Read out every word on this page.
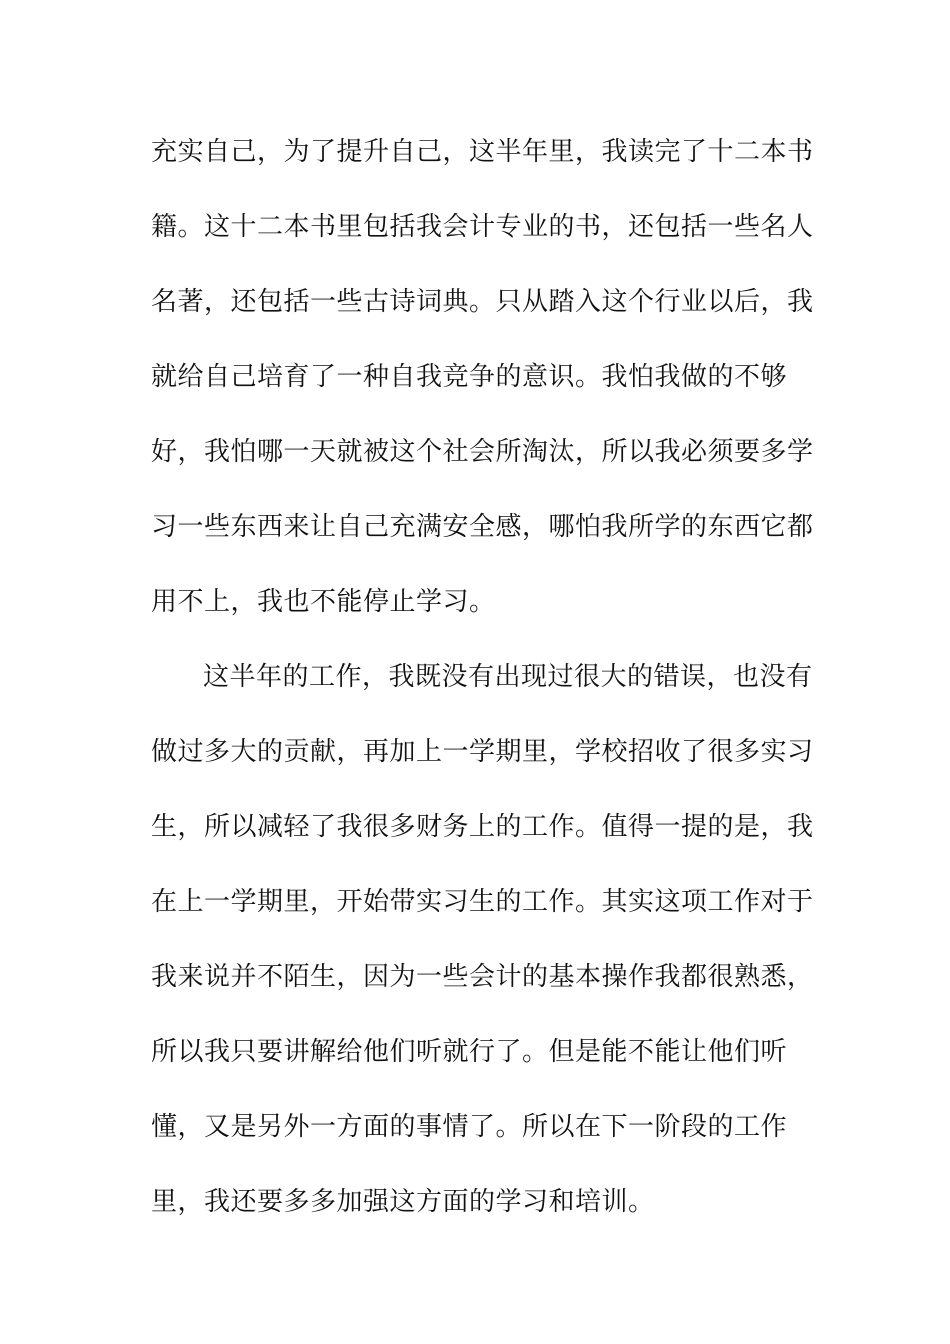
充实自己，为了提升自己，这半年里，我读完了十二本书
籍。这十二本书里包括我会计专业的书，还包括一些名人
名著，还包括一些古诗词典。只从踏入这个行业以后，我
就给自己培育了一种自我竞争的意识。我怕我做的不够
好，我怕哪一天就被这个社会所淘汰，所以我必须要多学
习一些东西来让自己充满安全感，哪怕我所学的东西它都
用不上，我也不能停止学习。
这半年的工作，我既没有出现过很大的错误，也没有
做过多大的贡献，再加上一学期里，学校招收了很多实习
生，所以减轻了我很多财务上的工作。值得一提的是，我
在上一学期里，开始带实习生的工作。其实这项工作对于
我来说并不陌生，因为一些会计的基本操作我都很熟悉，
所以我只要讲解给他们听就行了。但是能不能让他们听
懂，又是另外一方面的事情了。所以在下一阶段的工作
里，我还要多多加强这方面的学习和培训。
